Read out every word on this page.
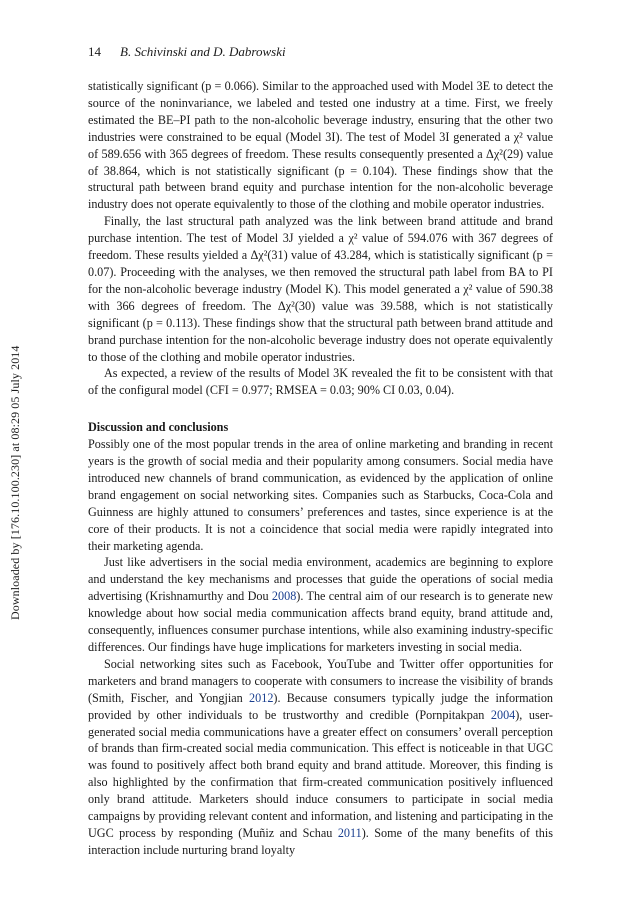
Downloaded by [176.10.100.230] at 08:29 05 July 2014
14 B. Schivinski and D. Dabrowski

statistically significant (p = 0.066). Similar to the approached used with Model 3E to detect the source of the noninvariance, we labeled and tested one industry at a time. First, we freely estimated the BE–PI path to the non-alcoholic beverage industry, ensuring that the other two industries were constrained to be equal (Model 3I). The test of Model 3I generated a χ² value of 589.656 with 365 degrees of freedom. These results consequently presented a Δχ²(29) value of 38.864, which is not statistically significant (p = 0.104). These findings show that the structural path between brand equity and purchase intention for the non-alcoholic beverage industry does not operate equivalently to those of the clothing and mobile operator industries.

Finally, the last structural path analyzed was the link between brand attitude and brand purchase intention. The test of Model 3J yielded a χ² value of 594.076 with 367 degrees of freedom. These results yielded a Δχ²(31) value of 43.284, which is statistically significant (p = 0.07). Proceeding with the analyses, we then removed the structural path label from BA to PI for the non-alcoholic beverage industry (Model K). This model generated a χ² value of 590.38 with 366 degrees of freedom. The Δχ²(30) value was 39.588, which is not statistically significant (p = 0.113). These findings show that the structural path between brand attitude and brand purchase intention for the non-alcoholic beverage industry does not operate equivalently to those of the clothing and mobile operator industries.

As expected, a review of the results of Model 3K revealed the fit to be consistent with that of the configural model (CFI = 0.977; RMSEA = 0.03; 90% CI 0.03, 0.04).

Discussion and conclusions

Possibly one of the most popular trends in the area of online marketing and branding in recent years is the growth of social media and their popularity among consumers. Social media have introduced new channels of brand communication, as evidenced by the application of online brand engagement on social networking sites. Companies such as Starbucks, Coca-Cola and Guinness are highly attuned to consumers’ preferences and tastes, since experience is at the core of their products. It is not a coincidence that social media were rapidly integrated into their marketing agenda.

Just like advertisers in the social media environment, academics are beginning to explore and understand the key mechanisms and processes that guide the operations of social media advertising (Krishnamurthy and Dou 2008). The central aim of our research is to generate new knowledge about how social media communication affects brand equity, brand attitude and, consequently, influences consumer purchase intentions, while also examining industry-specific differences. Our findings have huge implications for marketers investing in social media.

Social networking sites such as Facebook, YouTube and Twitter offer opportunities for marketers and brand managers to cooperate with consumers to increase the visibility of brands (Smith, Fischer, and Yongjian 2012). Because consumers typically judge the information provided by other individuals to be trustworthy and credible (Pornpitakpan 2004), user-generated social media communications have a greater effect on consumers’ overall perception of brands than firm-created social media communication. This effect is noticeable in that UGC was found to positively affect both brand equity and brand attitude. Moreover, this finding is also highlighted by the confirmation that firm-created communication positively influenced only brand attitude. Marketers should induce consumers to participate in social media campaigns by providing relevant content and information, and listening and participating in the UGC process by responding (Muñiz and Schau 2011). Some of the many benefits of this interaction include nurturing brand loyalty
